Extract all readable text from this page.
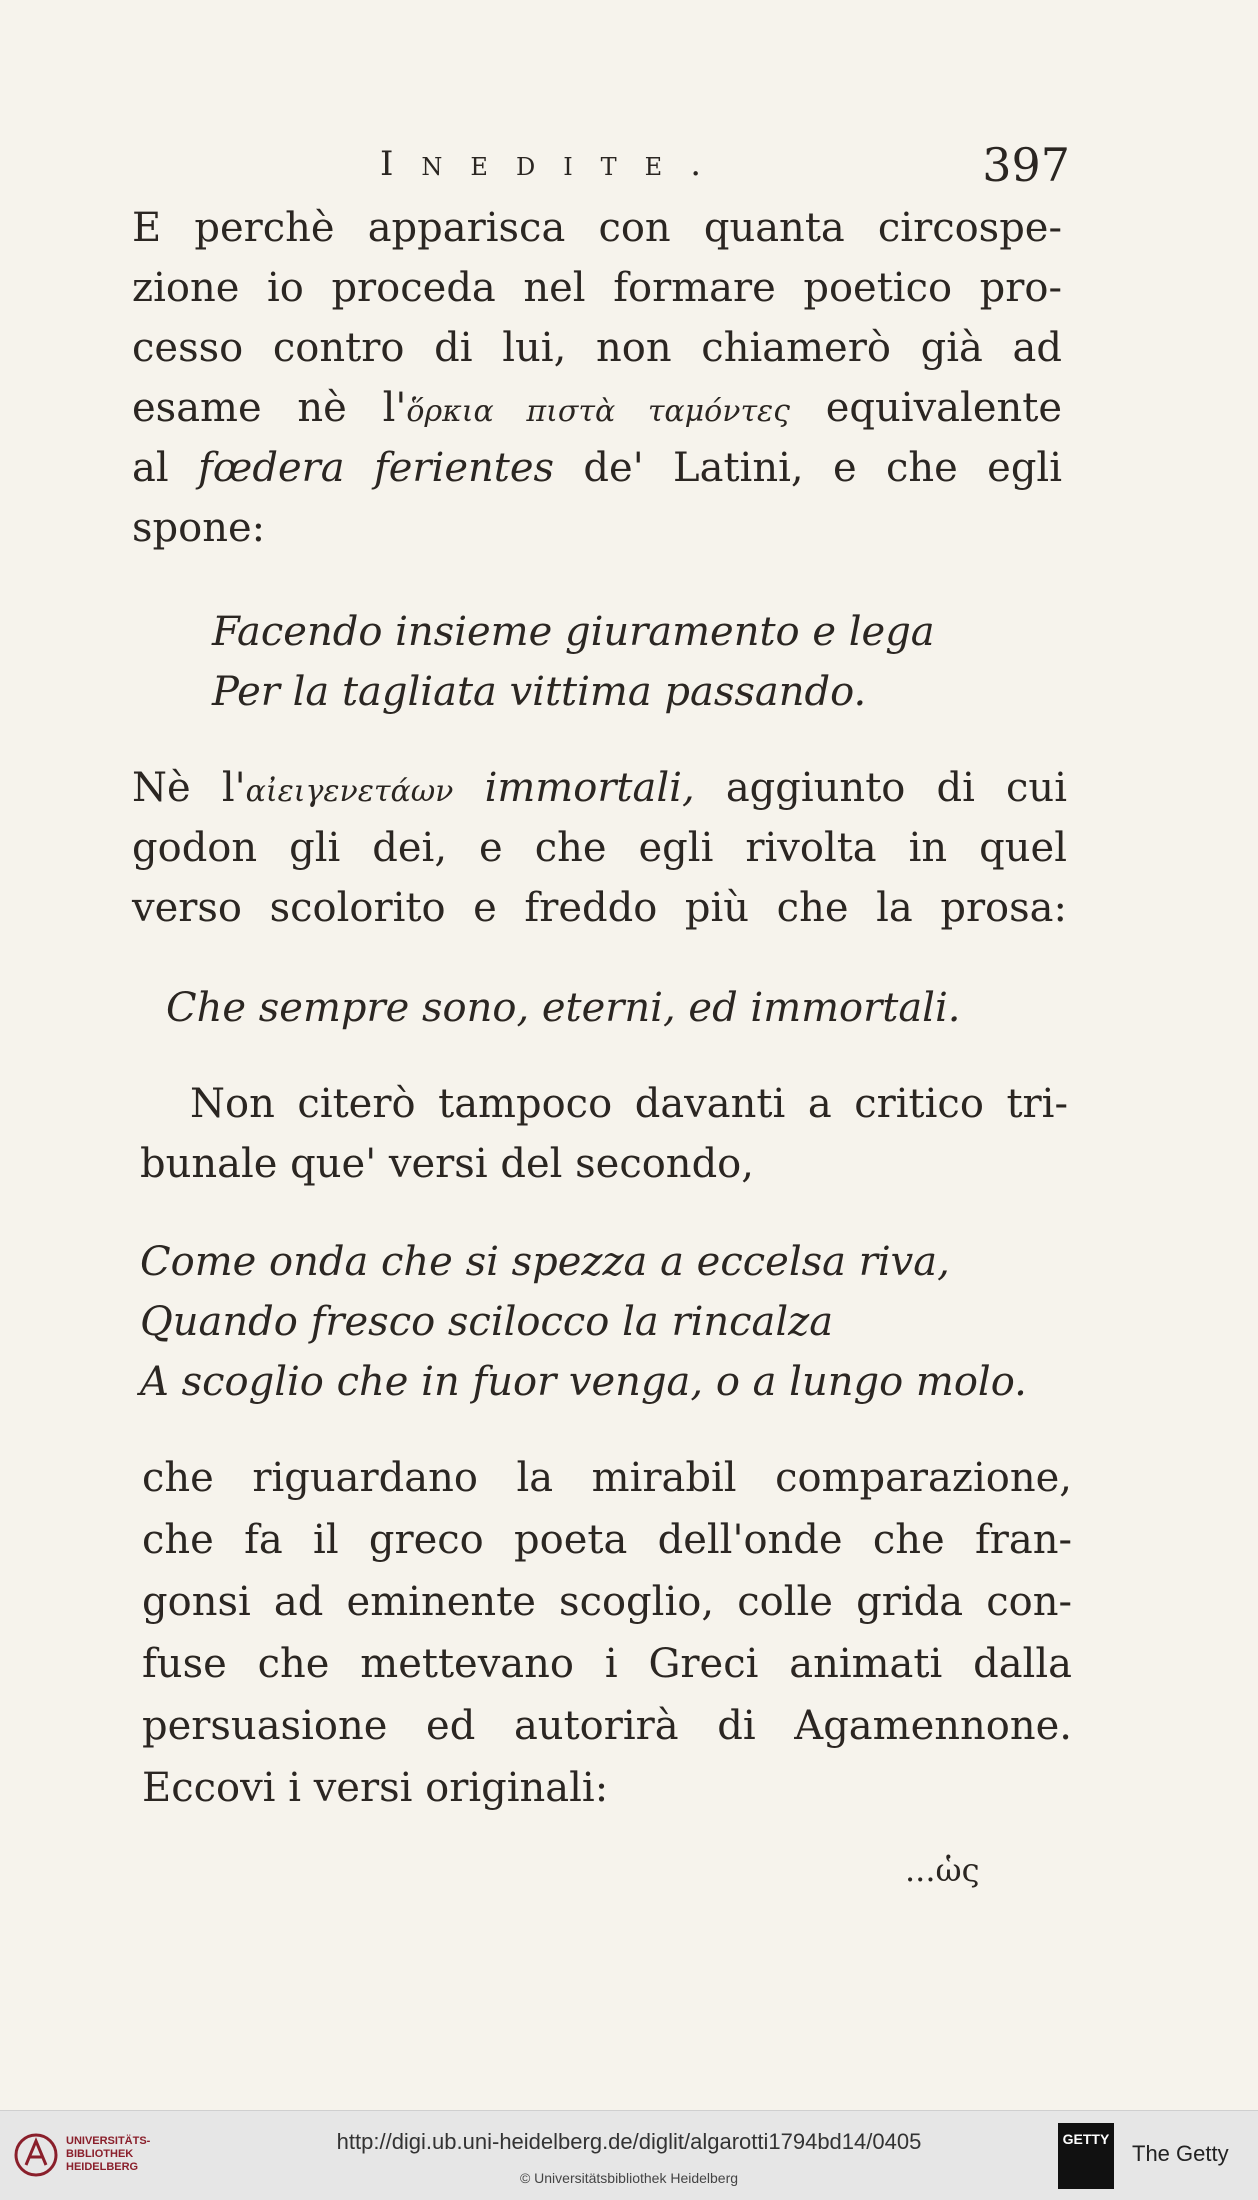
Inedite.	397
E perchè apparisca con quanta circospe-
zione io proceda nel formare poetico pro-
cesso contro di lui, non chiamerò già ad
esame nè l'ὅρκια πιστὰ ταμόντες equivalente
al fœdera ferientes de' Latini, e che egli
spone:
Facendo insieme giuramento e lega
Per la tagliata vittima passando.
Nè l'αἰειγενετάων immortali, aggiunto di cui
godon gli dei, e che egli rivolta in quel
verso scolorito e freddo più che la prosa:
Che sempre sono, eterni, ed immortali.
Non citerò tampoco davanti a critico tri-
bunale que' versi del secondo,
Come onda che si spezza a eccelsa riva,
Quando fresco scilocco la rincalza
A scoglio che in fuor venga, o a lungo molo.
che riguardano la mirabil comparazione,
che fa il greco poeta dell'onde che fran-
gonsi ad eminente scoglio, colle grida con-
fuse che mettevano i Greci animati dalla
persuasione ed autorirà di Agamennone.
Eccovi i versi originali:
...ὡς
UNIVERSITÄTS-
BIBLIOTHEK
HEIDELBERG
http://digi.ub.uni-heidelberg.de/diglit/algarotti1794bd14/0405
© Universitätsbibliothek Heidelberg
GETTY
The Getty
